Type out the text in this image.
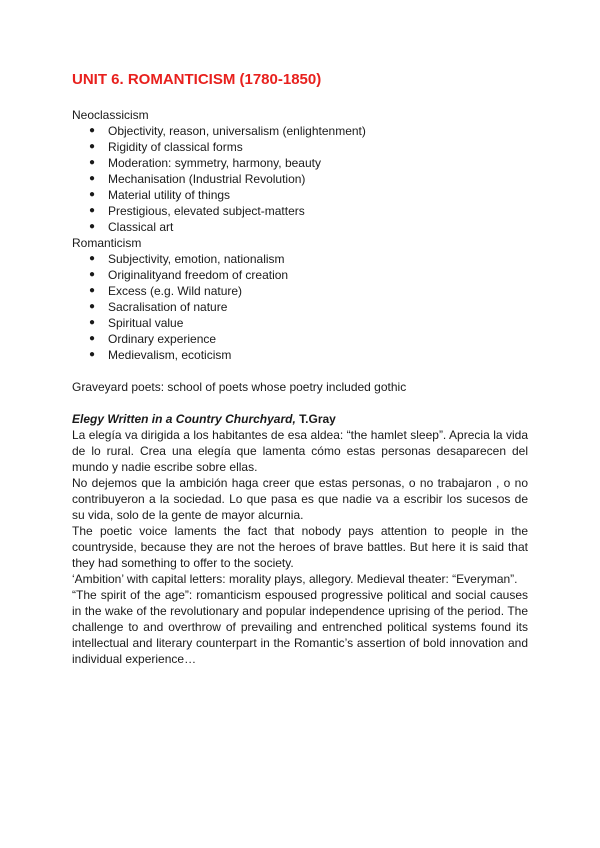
UNIT 6. ROMANTICISM (1780-1850)

Neoclassicism

● Objectivity, reason, universalism (enlightenment)
● Rigidity of classical forms
● Moderation: symmetry, harmony, beauty
● Mechanisation (Industrial Revolution)
● Material utility of things
● Prestigious, elevated subject-matters
● Classical art

Romanticism

● Subjectivity, emotion, nationalism
● Originalityand freedom of creation
● Excess (e.g. Wild nature)
● Sacralisation of nature
● Spiritual value
● Ordinary experience
● Medievalism, ecoticism

Graveyard poets: school of poets whose poetry included gothic

Elegy Written in a Country Churchyard, T.Gray

La elegía va dirigida a los habitantes de esa aldea: “the hamlet sleep”. Aprecia la vida de lo rural. Crea una elegía que lamenta cómo estas personas desaparecen del mundo y nadie escribe sobre ellas.

No dejemos que la ambición haga creer que estas personas, o no trabajaron , o no contribuyeron a la sociedad. Lo que pasa es que nadie va a escribir los sucesos de su vida, solo de la gente de mayor alcurnia.

The poetic voice laments the fact that nobody pays attention to people in the countryside, because they are not the heroes of brave battles. But here it is said that they had something to offer to the society.

‘Ambition’ with capital letters: morality plays, allegory. Medieval theater: “Everyman”.

“The spirit of the age”: romanticism espoused progressive political and social causes in the wake of the revolutionary and popular independence uprising of the period. The challenge to and overthrow of prevailing and entrenched political systems found its intellectual and literary counterpart in the Romantic’s assertion of bold innovation and individual experience…
